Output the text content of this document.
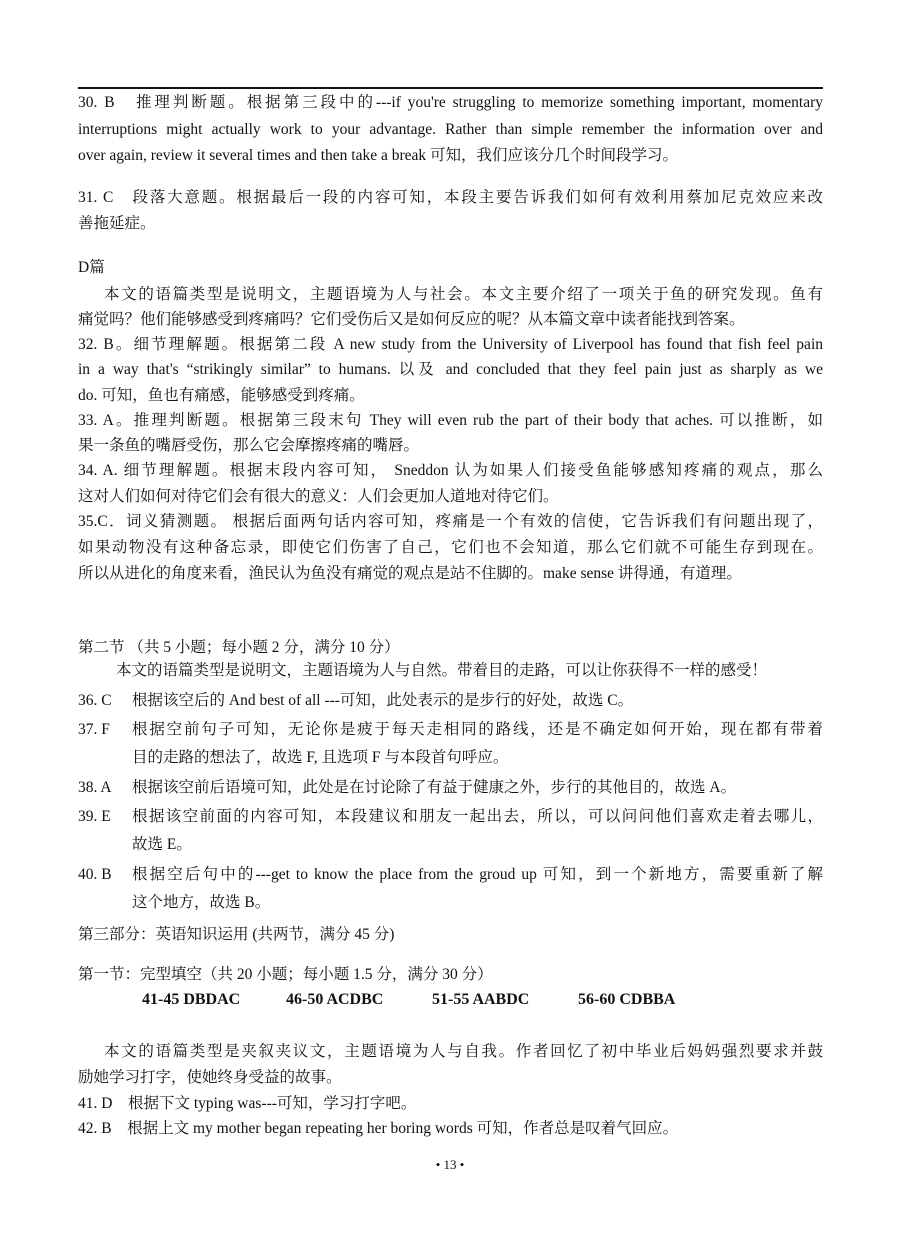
30. B　推理判断题。根据第三段中的---if you're struggling to memorize something important, momentary
interruptions might actually work to your advantage. Rather than simple remember the information over and
over again, review it several times and then take a break 可知，我们应该分几个时间段学习。
31. C　段落大意题。根据最后一段的内容可知，本段主要告诉我们如何有效利用蔡加尼克效应来改
善拖延症。
D篇
本文的语篇类型是说明文，主题语境为人与社会。本文主要介绍了一项关于鱼的研究发现。鱼有
痛觉吗？他们能够感受到疼痛吗？它们受伤后又是如何反应的呢？从本篇文章中读者能找到答案。
32. B。细节理解题。根据第二段 A new study from the University of Liverpool has found that fish feel pain
in a way that's “strikingly similar” to humans. 以及 and concluded that they feel pain just as sharply as we
do. 可知，鱼也有痛感，能够感受到疼痛。
33. A。推理判断题。根据第三段末句 They will even rub the part of their body that aches. 可以推断，如
果一条鱼的嘴唇受伤，那么它会摩擦疼痛的嘴唇。
34. A. 细节理解题。根据末段内容可知， Sneddon 认为如果人们接受鱼能够感知疼痛的观点，那么
这对人们如何对待它们会有很大的意义：人们会更加人道地对待它们。
35.C．词义猜测题。 根据后面两句话内容可知，疼痛是一个有效的信使，它告诉我们有问题出现了，
如果动物没有这种备忘录，即使它们伤害了自己，它们也不会知道，那么它们就不可能生存到现在。
所以从进化的角度来看，渔民认为鱼没有痛觉的观点是站不住脚的。make sense 讲得通，有道理。
第二节 （共 5 小题；每小题 2 分，满分 10 分）
本文的语篇类型是说明文，主题语境为人与自然。带着目的走路，可以让你获得不一样的感受！
36. C	根据该空后的 And best of all ---可知，此处表示的是步行的好处，故选 C。
37. F	根据空前句子可知，无论你是疲于每天走相同的路线，还是不确定如何开始，现在都有带着
目的走路的想法了，故选 F, 且选项 F 与本段首句呼应。
38. A	根据该空前后语境可知，此处是在讨论除了有益于健康之外，步行的其他目的，故选 A。
39. E	根据该空前面的内容可知，本段建议和朋友一起出去，所以，可以问问他们喜欢走着去哪儿，
故选 E。
40. B	根据空后句中的---get to know the place from the groud up 可知，到一个新地方，需要重新了解
这个地方，故选 B。
第三部分：英语知识运用 (共两节，满分 45 分)
第一节：完型填空（共 20 小题；每小题 1.5 分，满分 30 分）
41-45 DBDAC	46-50 ACDBC	51-55 AABDC	56-60 CDBBA
本文的语篇类型是夹叙夹议文，主题语境为人与自我。作者回忆了初中毕业后妈妈强烈要求并鼓
励她学习打字，使她终身受益的故事。
41. D　根据下文 typing was---可知，学习打字吧。
42. B　根据上文 my mother began repeating her boring words 可知，作者总是叹着气回应。
• 13 •
